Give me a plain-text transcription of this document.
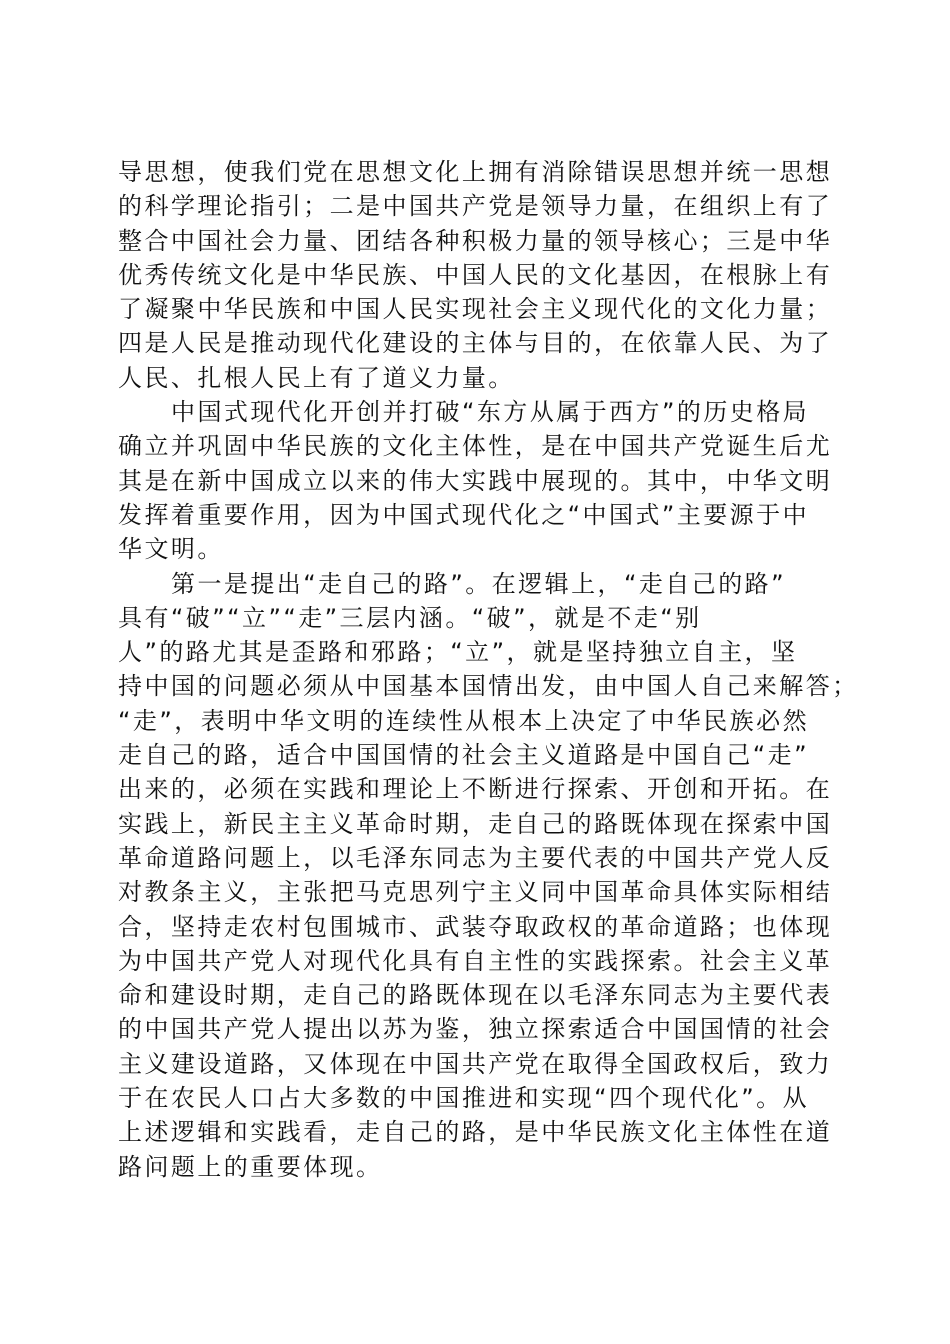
导思想，使我们党在思想文化上拥有消除错误思想并统一思想
的科学理论指引；二是中国共产党是领导力量，在组织上有了
整合中国社会力量、团结各种积极力量的领导核心；三是中华
优秀传统文化是中华民族、中国人民的文化基因，在根脉上有
了凝聚中华民族和中国人民实现社会主义现代化的文化力量；
四是人民是推动现代化建设的主体与目的，在依靠人民、为了
人民、扎根人民上有了道义力量。
中国式现代化开创并打破“东方从属于西方”的历史格局
确立并巩固中华民族的文化主体性，是在中国共产党诞生后尤
其是在新中国成立以来的伟大实践中展现的。其中，中华文明
发挥着重要作用，因为中国式现代化之“中国式”主要源于中
华文明。
第一是提出“走自己的路”。在逻辑上，“走自己的路”
具有“破”“立”“走”三层内涵。“破”，就是不走“别
人”的路尤其是歪路和邪路；“立”，就是坚持独立自主，坚
持中国的问题必须从中国基本国情出发，由中国人自己来解答；
“走”，表明中华文明的连续性从根本上决定了中华民族必然
走自己的路，适合中国国情的社会主义道路是中国自己“走”
出来的，必须在实践和理论上不断进行探索、开创和开拓。在
实践上，新民主主义革命时期，走自己的路既体现在探索中国
革命道路问题上，以毛泽东同志为主要代表的中国共产党人反
对教条主义，主张把马克思列宁主义同中国革命具体实际相结
合，坚持走农村包围城市、武装夺取政权的革命道路；也体现
为中国共产党人对现代化具有自主性的实践探索。社会主义革
命和建设时期，走自己的路既体现在以毛泽东同志为主要代表
的中国共产党人提出以苏为鉴，独立探索适合中国国情的社会
主义建设道路，又体现在中国共产党在取得全国政权后，致力
于在农民人口占大多数的中国推进和实现“四个现代化”。从
上述逻辑和实践看，走自己的路，是中华民族文化主体性在道
路问题上的重要体现。
